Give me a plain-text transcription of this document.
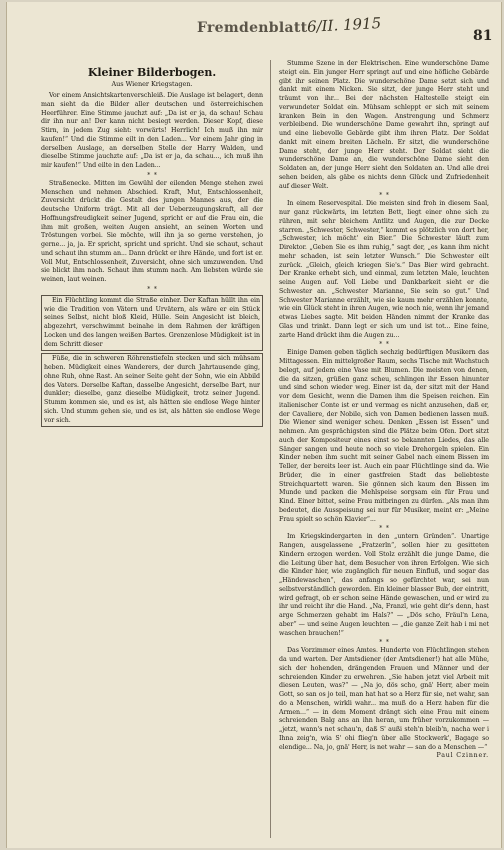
Fremdenblatt 6/II. 1915
81
Kleiner Bilderbogen.
Aus Wiener Kriegstagen.

Vor einem Ansichtskartenverschleiß. Die Auslage ist belagert, denn man sieht da die Bilder aller deutschen und österreichischen Heerführer. Eine Stimme jauchzt auf: „Da ist er ja, da schau! Schau dir ihn nur an! Der kann nicht besiegt werden. Dieser Kopf, diese Stirn, in jedem Zug sieht: vorwärts! Herrlich! Ich muß ihn mir kaufen!“ Und die Stimme eilt in den Laden... Vor einem Jahr ging in derselben Auslage, an derselben Stelle der Harry Walden, und dieselbe Stimme jauchzte auf: „Da ist er ja, da schau..., ich muß ihn mir kaufen!“ Und eilte in den Laden...

*  *

Straßenecke. Mitten im Gewühl der eilenden Menge stehen zwei Menschen und nehmen Abschied. Kraft, Mut, Entschlossenheit, Zuversicht drückt die Gestalt des jungen Mannes aus, der die deutsche Uniform trägt. Mit all der Ueberzeugungskraft, all der Hoffnungsfreudigkeit seiner Jugend, spricht er auf die Frau ein, die ihm mit großen, weiten Augen ansieht, an seinen Worten und Tröstungen vorbei. Sie möchte, will ihn ja so gerne verstehen, jo gerne... ja, ja. Er spricht, spricht und spricht. Und sie schaut, schaut und schaut ihn stumm an... Dann drückt er ihre Hände, und fort ist er. Voll Mut, Entschlossenheit, Zuversicht, ohne sich umzuwenden. Und sie blickt ihm nach. Schaut ihm stumm nach. Am liebsten würde sie weinen, laut weinen.

*  *

Ein Flüchtling kommt die Straße einher. Der Kaftan hüllt ihn ein wie die Tradition von Vätern und Urvätern, als wäre er ein Stück seines Selbst, nicht bloß Kleid, Hülle. Sein Angesicht ist bleich, abgezehrt, verschwimmt beinahe in dem Rahmen der kräftigen Locken und des langen weißen Bartes. Grenzenlose Müdigkeit ist in dem Schritt dieser

Füße, die in schweren Röhrenstiefeln stecken und sich mühsam heben. Müdigkeit eines Wanderers, der durch Jahrtausende ging, ohne Ruh, ohne Rast. An seiner Seite geht der Sohn, wie ein Abbild des Vaters. Derselbe Kaftan, dasselbe Angesicht, derselbe Bart, nur dunkler; dieselbe, ganz dieselbe Müdigkeit, trotz seiner Jugend. Stumm kommen sie, und es ist, als hätten sie endlose Wege hinter sich. Und stumm gehen sie, und es ist, als hätten sie endlose Wege vor sich.

Stumme Szene in der Elektrischen. Eine wunderschöne Dame steigt ein. Ein junger Herr springt auf und eine höfliche Gebärde gibt ihr seinen Platz. Die wunderschöne Dame setzt sich und dankt mit einem Nicken. Sie sitzt, der junge Herr steht und träumt von ihr... Bei der nächsten Haltestelle steigt ein verwundeter Soldat ein. Mühsam schleppt er sich mit seinem kranken Bein in den Wagen. Anstrengung und Schmerz verbleibend. Die wunderschöne Dame gewahrt ihn, springt auf und eine liebevolle Gebärde gibt ihm ihren Platz. Der Soldat dankt mit einem breiten Lächeln. Er sitzt, die wunderschöne Dame steht, der junge Herr steht. Der Soldat sieht die wunderschöne Dame an, die wunderschöne Dame sieht den Soldaten an, der junge Herr sieht den Soldaten an. Und alle drei sehen beiden, als gäbe es nichts denn Glück und Zufriedenheit auf dieser Welt.

*  *

In einem Reservespital. Die meisten sind froh in diesem Saal, nur ganz rückwärts, im letzten Bett, liegt einer ohne sich zu rühren, mit sehr bleichem Antlitz und Augen, die zur Decke starren. „Schwester, Schwester,“ kommt es plötzlich von dort her, „Schwester, ich möcht' ein Bier.“ Die Schwester läuft zum Direktor. „Geben Sie es ihm ruhig,“ sagt der, „es kann ihm nicht mehr schaden, ist sein letzter Wunsch.“ Die Schwester eilt zurück. „Gleich, gleich kriegen Sie's.“ Das Bier wird gebracht. Der Kranke erhebt sich, und einmal, zum letzten Male, leuchten seine Augen auf. Voll Liebe und Dankbarkeit sieht er die Schwester an. „Schwester Marianne, Sie sein so gut.“ Und Schwester Marianne erzählt, wie sie kaum mehr erzählen konnte, wie ein Glück steht in ihren Augen, wie noch nie, wenn ihr jemand etwas Liebes sagte. Mit beiden Händen nimmt der Kranke das Glas und trinkt. Dann legt er sich um und ist tot... Eine feine, zarte Hand drückt ihm die Augen zu...

*  *

Einige Damen geben täglich sechzig bedürftigen Musikern das Mittagessen. Ein mittelgroßer Raum, sechs Tische mit Wachstuch belegt, auf jedem eine Vase mit Blumen. Die meisten von denen, die da sitzen, grüßen ganz scheu, schlingen ihr Essen hinunter und sind schon wieder weg. Einer ist da, der sitzt mit der Hand vor dem Gesicht, wenn die Damen ihm die Speisen reichen. Ein italienischer Conte ist er und vermag es nicht anzusehen, daß er, der Cavaliere, der Nobile, sich von Damen bedienen lassen muß. Die Wiener sind weniger scheu. Denken „Essen ist Essen“ und nehmen. Am gesprächigsten sind die Plätze beim Ofen. Dort sitzt auch der Kompositeur eines einst so bekannten Liedes, das alle Sänger sangen und heute noch so viele Drehorgeln spielen. Ein Kinder neben ihm sucht mit seiner Gabel nach einem Bissen im Teller, der bereits leer ist. Auch ein paar Flüchtlinge sind da. Wie Brüder, die in einer gastfreien Stadt das beliebteste Streichquartett waren. Sie gönnen sich kaum den Bissen im Munde und packen die Mehlspeise sorgsam ein für Frau und Kind. Einer bittet, seine Frau mitbringen zu dürfen. „Als man ihm bedeutet, die Ausspeisung sei nur für Musiker, meint er: „Meine Frau spielt so schön Klavier“...

*  *

Im Kriegskindergarten in den „untern Gründen“. Unartige Rangen, ausgelassene „Fratzerln“, sollen hier zu gesitteten Kindern erzogen werden. Voll Stolz erzählt die junge Dame, die die Leitung über hat, dem Besucher von ihren Erfolgen. Wie sich die Kinder hier, wie zugänglich für neuen Einfluß, und sogar das „Händewaschen“, das anfangs so gefürchtet war, sei nun selbstverständlich geworden. Ein kleiner blasser Bub, der eintritt, wird gefragt, ob er schon seine Hände gewaschen, und er wird zu ihr und reicht ihr die Hand. „Na, Franzl, wie geht dir's denn, hast arge Schmerzen gehabt im Hals?“ — „Dös scho, Fräul'n Lena, aber“ — und seine Augen leuchten — „die ganze Zeit hab i mi net waschen brauchen!“

*  *

Das Vorzimmer eines Amtes. Hunderte von Flüchtlingen stehen da und warten. Der Amtsdiener (der Amtsdiener!) hat alle Mühe, sich der hohenden, drängenden Frauen und Männer und der schreienden Kinder zu erwehren. „Sie haben jetzt viel Arbeit mit diesen Leuten, was?“ — „Na jo, dös scho, gnä' Herr, aber mein Gott, so san os jo teil, man hat hat so a Herz für sie, net wahr, san do a Menschen, wirkli wahr... ma muß do a Herz haben für die Armen...“ — in dem Moment drängt sich eine Frau mit einem schreienden Balg ans an ihn heran, um früher vorzukommen — „jetzt, wann's net schau'n, daß S' außi steh'n bleib'n, nacha wer i Ihna zeig'n, wia S' ohi flieg'n über alle Stockwerk', Bagage so elendige... Na, jo, gnä' Herr, is net wahr — san do a Menschen —“

Paul Czinner.
